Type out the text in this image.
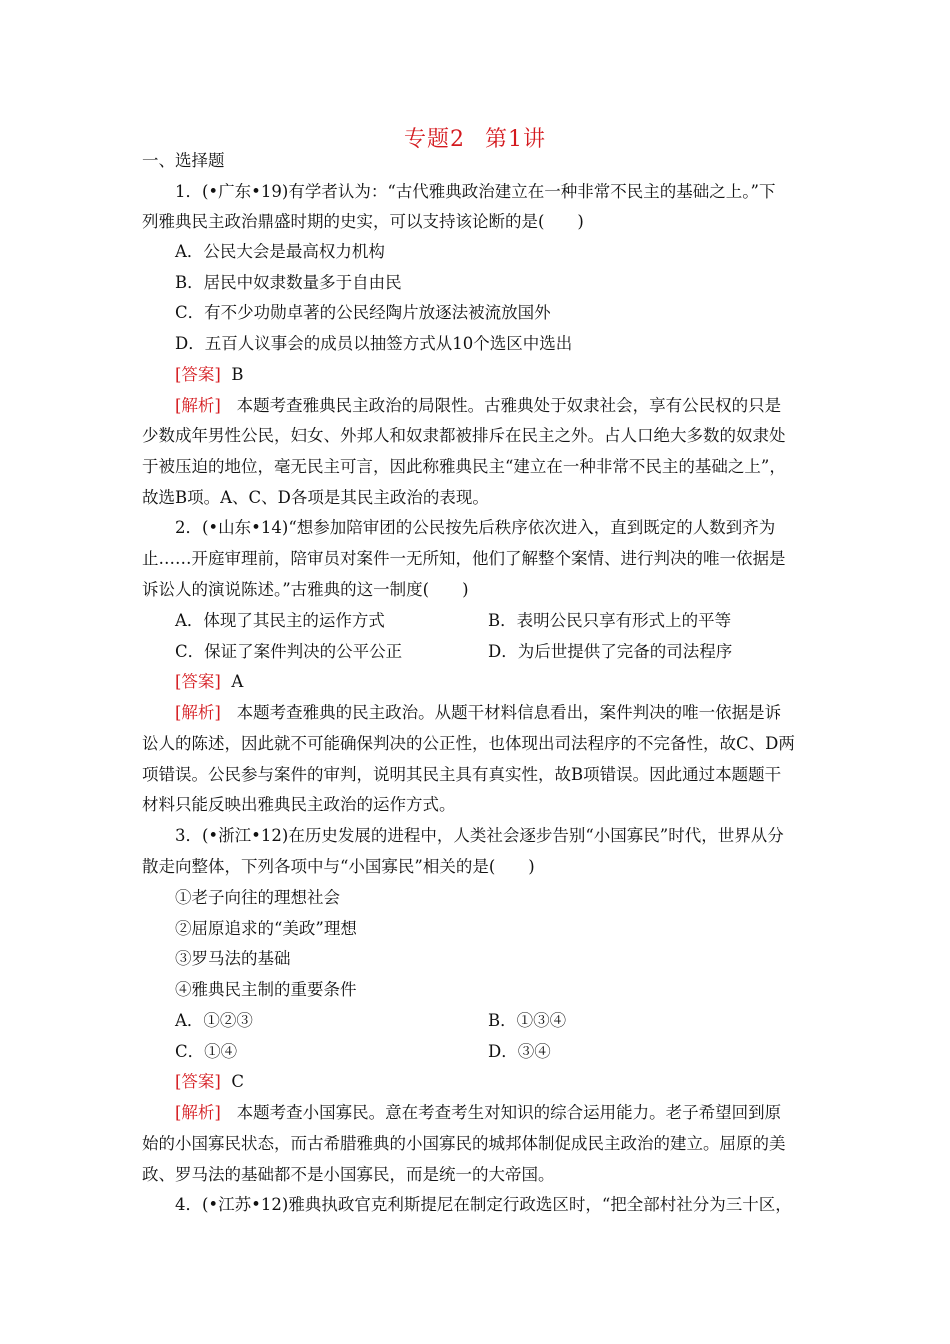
专题2 第1讲
一、选择题
1．(•广东•19)有学者认为：“古代雅典政治建立在一种非常不民主的基础之上。”下
列雅典民主政治鼎盛时期的史实，可以支持该论断的是(　　)
A．公民大会是最高权力机构
B．居民中奴隶数量多于自由民
C．有不少功勋卓著的公民经陶片放逐法被流放国外
D．五百人议事会的成员以抽签方式从10个选区中选出
[答案] B
[解析] 本题考查雅典民主政治的局限性。古雅典处于奴隶社会，享有公民权的只是
少数成年男性公民，妇女、外邦人和奴隶都被排斥在民主之外。占人口绝大多数的奴隶处
于被压迫的地位，毫无民主可言，因此称雅典民主“建立在一种非常不民主的基础之上”，
故选B项。A、C、D各项是其民主政治的表现。
2．(•山东•14)“想参加陪审团的公民按先后秩序依次进入，直到既定的人数到齐为
止……开庭审理前，陪审员对案件一无所知，他们了解整个案情、进行判决的唯一依据是
诉讼人的演说陈述。”古雅典的这一制度(　　)
A．体现了其民主的运作方式	B．表明公民只享有形式上的平等
C．保证了案件判决的公平公正	D．为后世提供了完备的司法程序
[答案] A
[解析] 本题考查雅典的民主政治。从题干材料信息看出，案件判决的唯一依据是诉
讼人的陈述，因此就不可能确保判决的公正性，也体现出司法程序的不完备性，故C、D两
项错误。公民参与案件的审判，说明其民主具有真实性，故B项错误。因此通过本题题干
材料只能反映出雅典民主政治的运作方式。
3．(•浙江•12)在历史发展的进程中，人类社会逐步告别“小国寡民”时代，世界从分
散走向整体，下列各项中与“小国寡民”相关的是(　　)
①老子向往的理想社会
②屈原追求的“美政”理想
③罗马法的基础
④雅典民主制的重要条件
A．①②③	B．①③④
C．①④	D．③④
[答案] C
[解析] 本题考查小国寡民。意在考查考生对知识的综合运用能力。老子希望回到原
始的小国寡民状态，而古希腊雅典的小国寡民的城邦体制促成民主政治的建立。屈原的美
政、罗马法的基础都不是小国寡民，而是统一的大帝国。
4．(•江苏•12)雅典执政官克利斯提尼在制定行政选区时，“把全部村社分为三十区，
